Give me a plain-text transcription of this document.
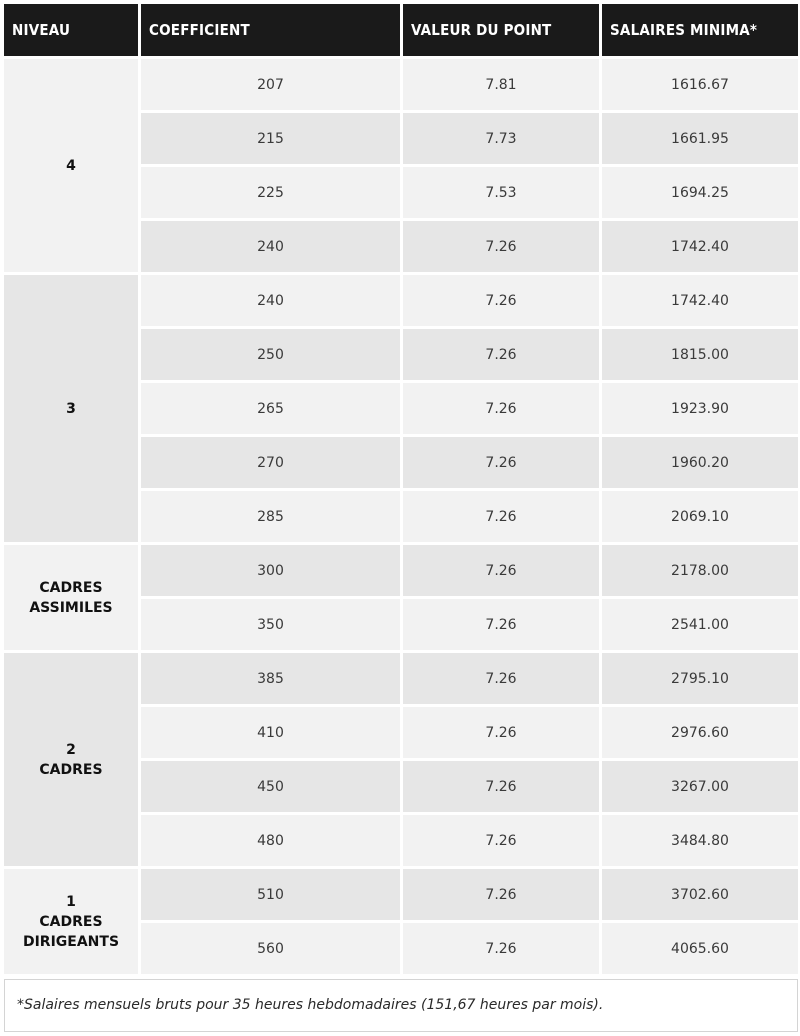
NIVEAU	COEFFICIENT	VALEUR DU POINT	SALAIRES MINIMA*

4	207	7.81	1616.67
	215	7.73	1661.95
	225	7.53	1694.25
	240	7.26	1742.40

3	240	7.26	1742.40
	250	7.26	1815.00
	265	7.26	1923.90
	270	7.26	1960.20
	285	7.26	2069.10

CADRES
ASSIMILES	300	7.26	2178.00
	350	7.26	2541.00

2
CADRES	385	7.26	2795.10
	410	7.26	2976.60
	450	7.26	3267.00
	480	7.26	3484.80

1
CADRES
DIRIGEANTS	510	7.26	3702.60
	560	7.26	4065.60
*Salaires mensuels bruts pour 35 heures hebdomadaires (151,67 heures par mois).
